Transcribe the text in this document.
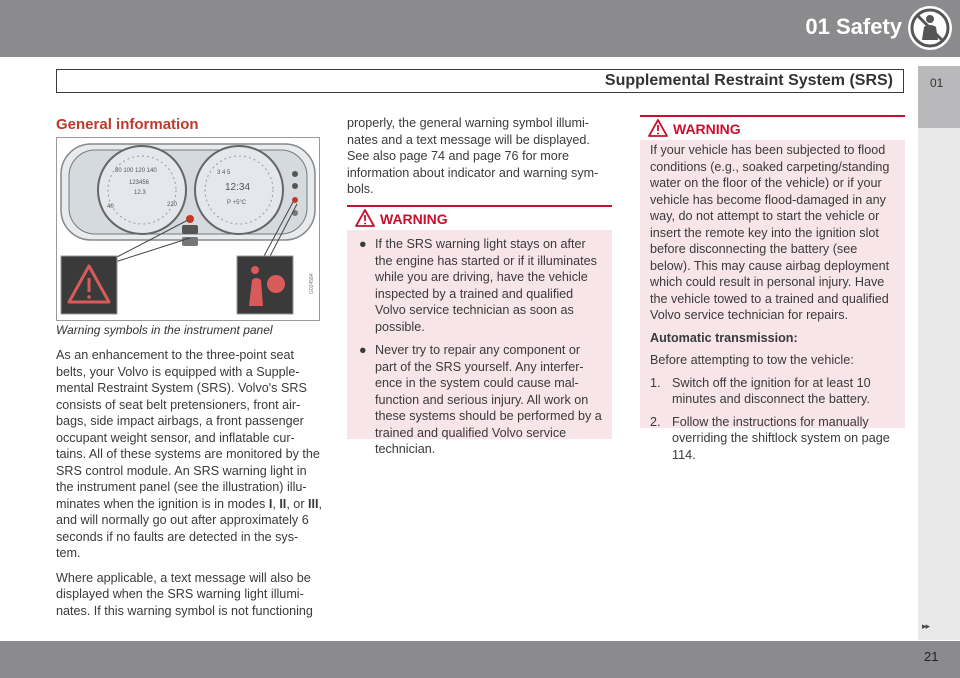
01 Safety
Supplemental Restraint System (SRS)	01
General information
123456
12.3
80 100 120 140
40	220
12:34
P +5°C
3 4 5
G024584
Warning symbols in the instrument panel

As an enhancement to the three-point seat belts, your Volvo is equipped with a Supple-mental Restraint System (SRS). Volvo's SRS consists of seat belt pretensioners, front air-bags, side impact airbags, a front passenger occupant weight sensor, and inflatable cur-tains. All of these systems are monitored by the SRS control module. An SRS warning light in the instrument panel (see the illustration) illu-minates when the ignition is in modes I, II, or III, and will normally go out after approximately 6 seconds if no faults are detected in the sys-tem.

Where applicable, a text message will also be displayed when the SRS warning light illumi-nates. If this warning symbol is not functioning

properly, the general warning symbol illumi-nates and a text message will be displayed. See also page 74 and page 76 for more information about indicator and warning sym-bols.
WARNING
● If the SRS warning light stays on after the engine has started or if it illuminates while you are driving, have the vehicle inspected by a trained and qualified Volvo service technician as soon as possible.
● Never try to repair any component or part of the SRS yourself. Any interfer-ence in the system could cause mal-function and serious injury. All work on these systems should be performed by a trained and qualified Volvo service technician.
WARNING

If your vehicle has been subjected to flood conditions (e.g., soaked carpeting/standing water on the floor of the vehicle) or if your vehicle has become flood-damaged in any way, do not attempt to start the vehicle or insert the remote key into the ignition slot before disconnecting the battery (see below). This may cause airbag deployment which could result in personal injury. Have the vehicle towed to a trained and qualified Volvo service technician for repairs.

Automatic transmission:

Before attempting to tow the vehicle:

1. Switch off the ignition for at least 10 minutes and disconnect the battery.
2. Follow the instructions for manually overriding the shiftlock system on page 114.
▸▸
21
